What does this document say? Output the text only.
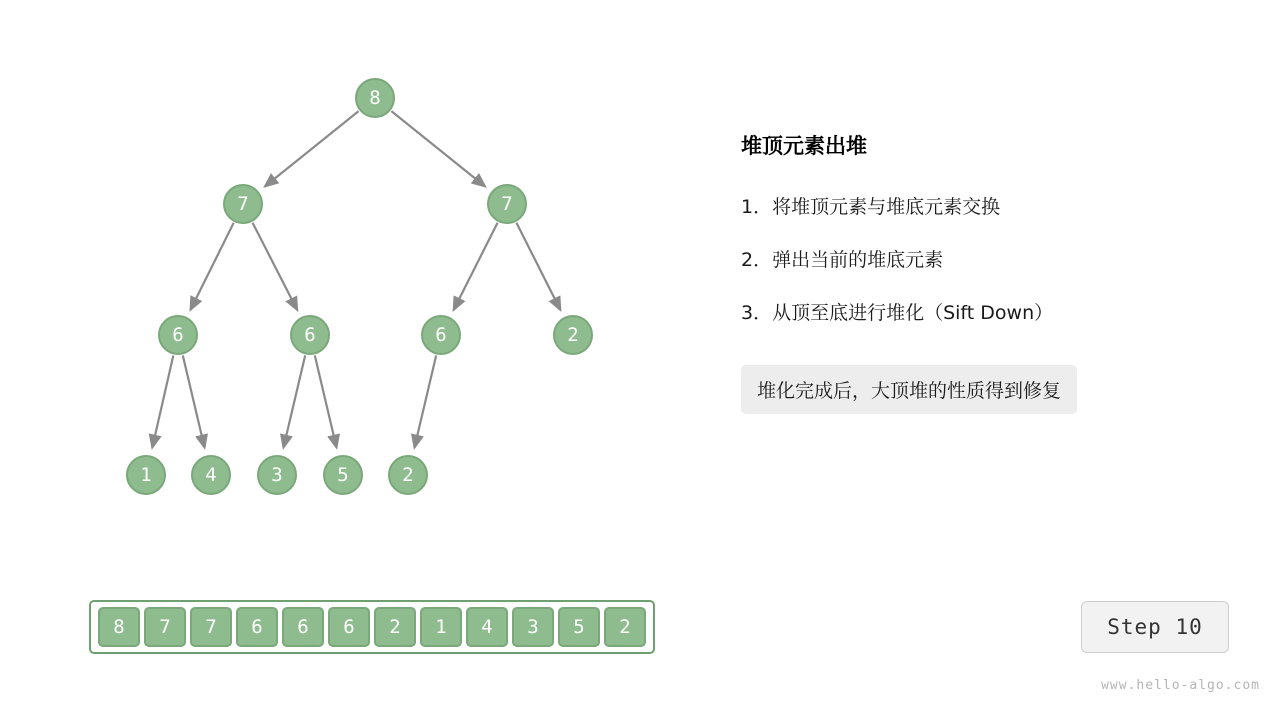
8
7	7
6	6	6	2
1	4	3	5	2
8	7	7	6	6	6	2	1	4	3	5	2
堆顶元素出堆
1．将堆顶元素与堆底元素交换
2．弹出当前的堆底元素
3．从顶至底进行堆化（Sift Down）
堆化完成后，大顶堆的性质得到修复
Step 10
www.hello-algo.com
